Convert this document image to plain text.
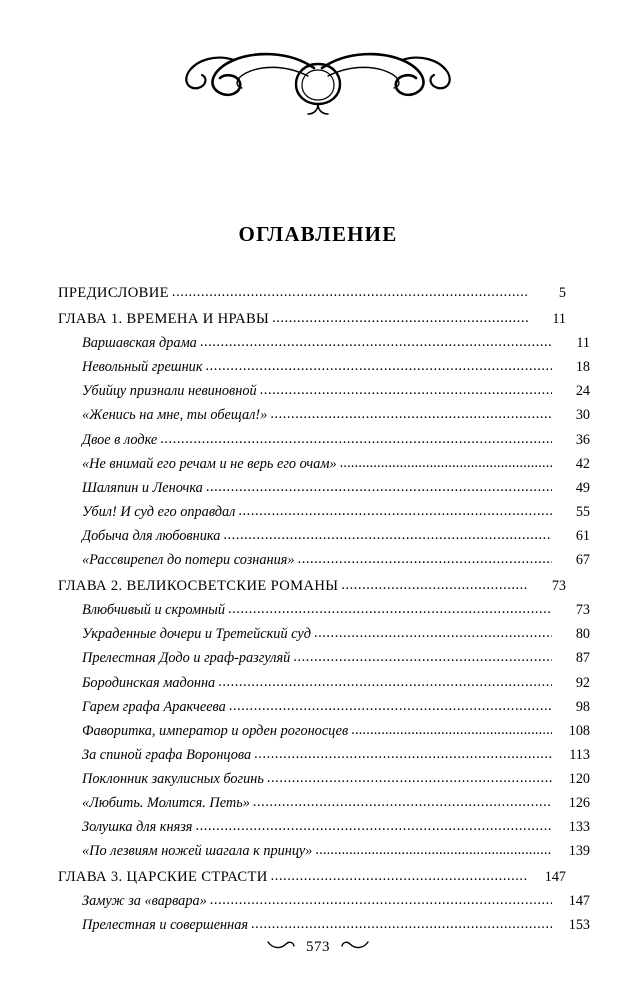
ОГЛАВЛЕНИЕ
ПРЕДИСЛОВИЕ .....	5
ГЛАВА 1. ВРЕМЕНА И НРАВЫ .....	11
Варшавская драма .....	11
Невольный грешник .....	18
Убийцу признали невиновной .....	24
«Женись на мне, ты обещал!» .....	30
Двое в лодке .....	36
«Не внимай его речам и не верь его очам» .....	42
Шаляпин и Леночка .....	49
Убил! И суд его оправдал .....	55
Добыча для любовника .....	61
«Рассвирепел до потери сознания» .....	67
ГЛАВА 2. ВЕЛИКОСВЕТСКИЕ РОМАНЫ .....	73
Влюбчивый и скромный .....	73
Украденные дочери и Третейский суд .....	80
Прелестная Додо и граф-разгуляй .....	87
Бородинская мадонна .....	92
Гарем графа Аракчеева .....	98
Фаворитка, император и орден рогоносцев .....	108
За спиной графа Воронцова .....	113
Поклонник закулисных богинь .....	120
«Любить. Молится. Петь» .....	126
Золушка для князя .....	133
«По лезвиям ножей шагала к принцу» .....	139
ГЛАВА 3. ЦАРСКИЕ СТРАСТИ .....	147
Замуж за «варвара» .....	147
Прелестная и совершенная .....	153
573
